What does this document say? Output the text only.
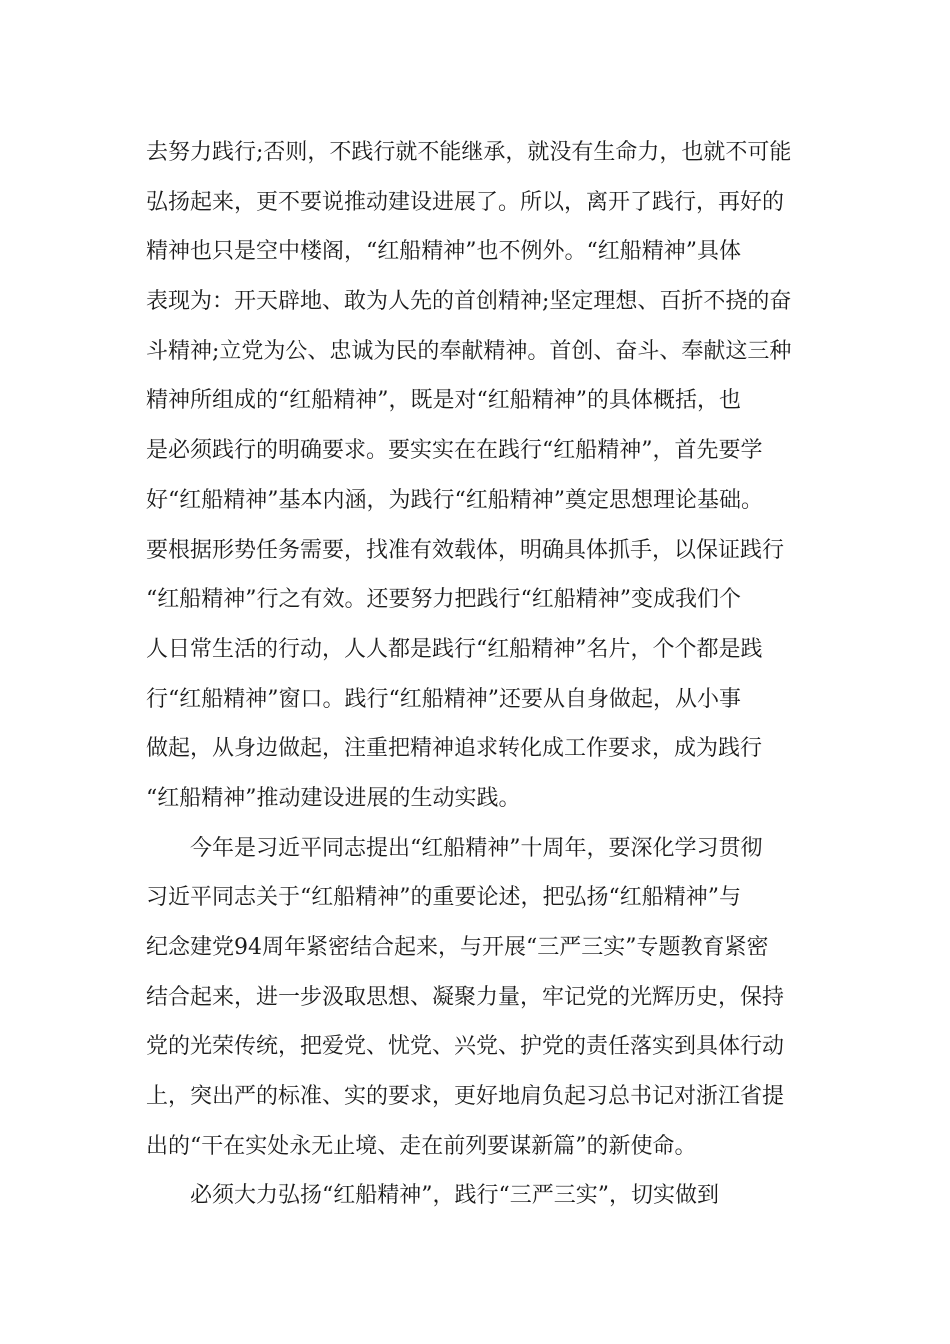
去努力践行;否则，不践行就不能继承，就没有生命力，也就不可能
弘扬起来，更不要说推动建设进展了。所以，离开了践行，再好的
精神也只是空中楼阁，“红船精神”也不例外。“红船精神”具体
表现为：开天辟地、敢为人先的首创精神;坚定理想、百折不挠的奋
斗精神;立党为公、忠诚为民的奉献精神。首创、奋斗、奉献这三种
精神所组成的“红船精神”，既是对“红船精神”的具体概括，也
是必须践行的明确要求。要实实在在践行“红船精神”，首先要学
好“红船精神”基本内涵，为践行“红船精神”奠定思想理论基础。
要根据形势任务需要，找准有效载体，明确具体抓手，以保证践行
“红船精神”行之有效。还要努力把践行“红船精神”变成我们个
人日常生活的行动，人人都是践行“红船精神”名片，个个都是践
行“红船精神”窗口。践行“红船精神”还要从自身做起，从小事
做起，从身边做起，注重把精神追求转化成工作要求，成为践行
“红船精神”推动建设进展的生动实践。
今年是习近平同志提出“红船精神”十周年，要深化学习贯彻
习近平同志关于“红船精神”的重要论述，把弘扬“红船精神”与
纪念建党94周年紧密结合起来，与开展“三严三实”专题教育紧密
结合起来，进一步汲取思想、凝聚力量，牢记党的光辉历史，保持
党的光荣传统，把爱党、忧党、兴党、护党的责任落实到具体行动
上，突出严的标准、实的要求，更好地肩负起习总书记对浙江省提
出的“干在实处永无止境、走在前列要谋新篇”的新使命。
必须大力弘扬“红船精神”，践行“三严三实”，切实做到
